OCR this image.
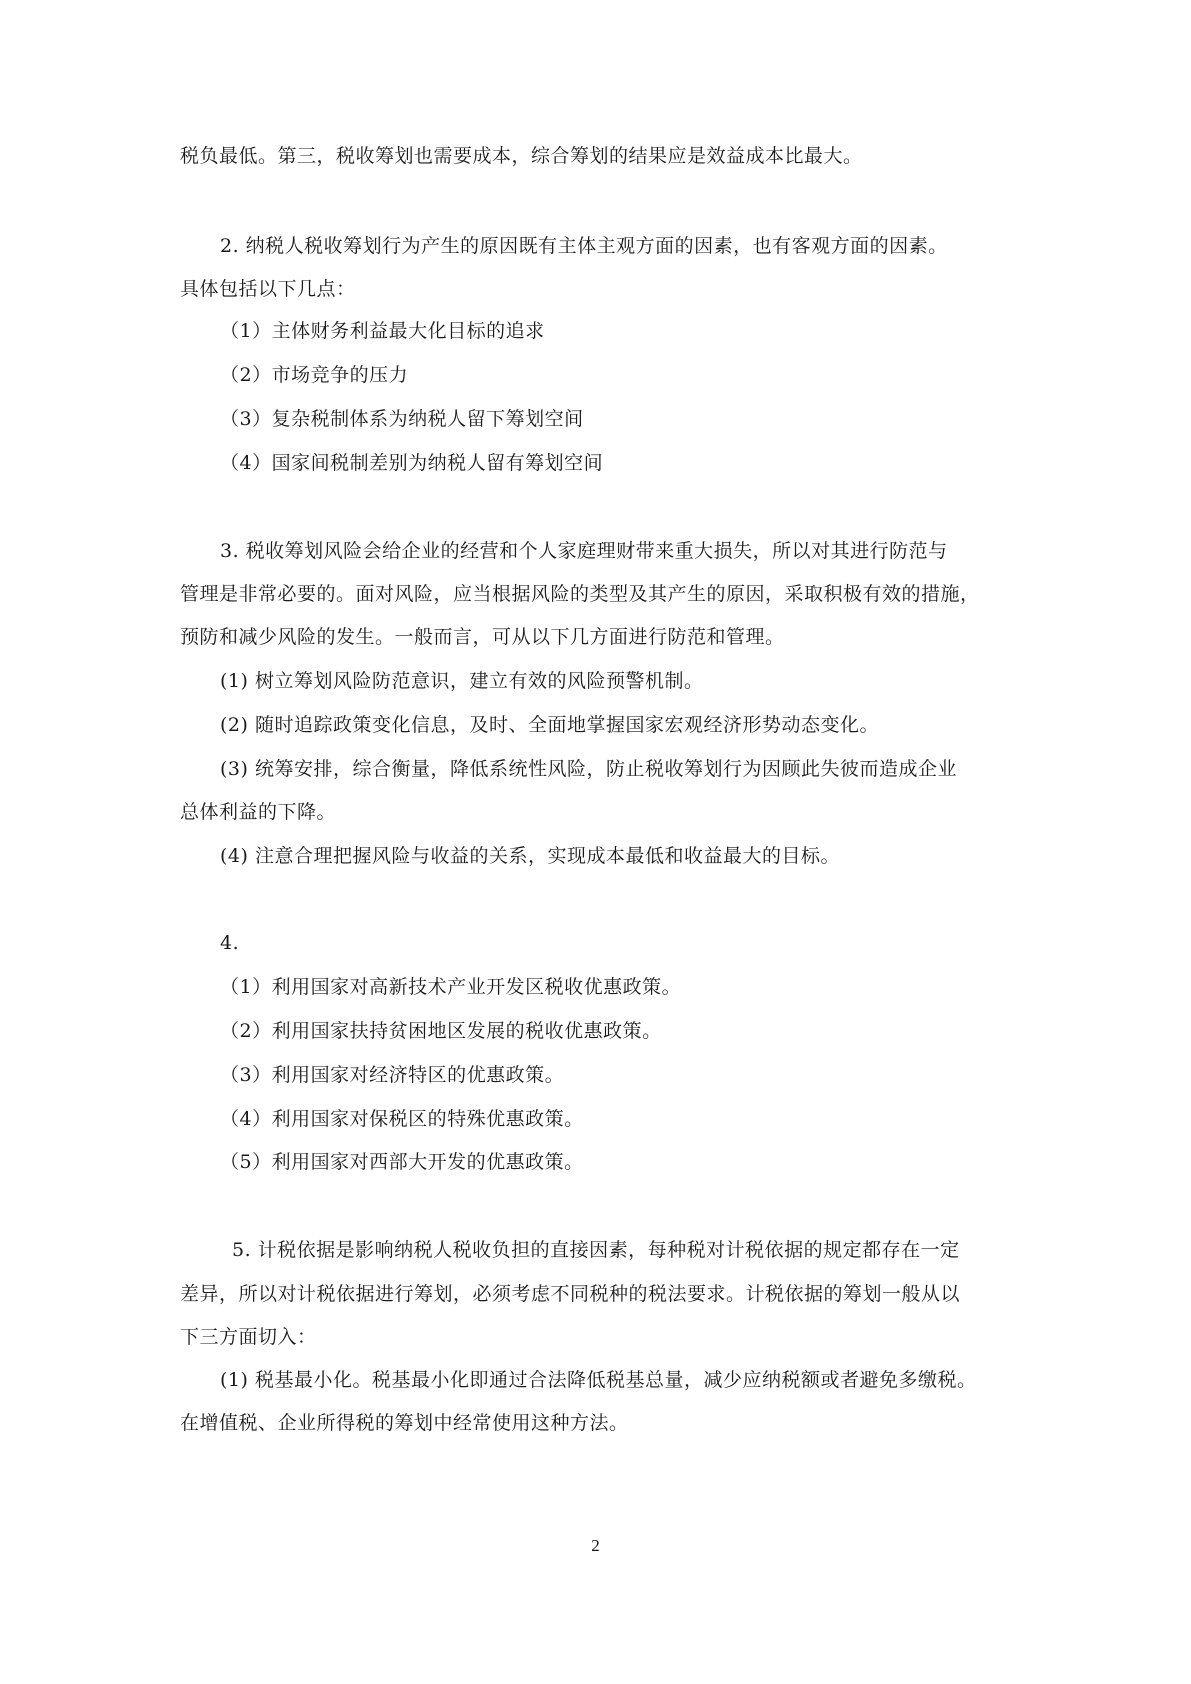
税负最低。第三，税收筹划也需要成本，综合筹划的结果应是效益成本比最大。
2. 纳税人税收筹划行为产生的原因既有主体主观方面的因素，也有客观方面的因素。
具体包括以下几点：
（1）主体财务利益最大化目标的追求
（2）市场竞争的压力
（3）复杂税制体系为纳税人留下筹划空间
（4）国家间税制差别为纳税人留有筹划空间
3. 税收筹划风险会给企业的经营和个人家庭理财带来重大损失，所以对其进行防范与
管理是非常必要的。面对风险，应当根据风险的类型及其产生的原因，采取积极有效的措施，
预防和减少风险的发生。一般而言，可从以下几方面进行防范和管理。
(1) 树立筹划风险防范意识，建立有效的风险预警机制。
(2) 随时追踪政策变化信息，及时、全面地掌握国家宏观经济形势动态变化。
(3) 统筹安排，综合衡量，降低系统性风险，防止税收筹划行为因顾此失彼而造成企业
总体利益的下降。
(4) 注意合理把握风险与收益的关系，实现成本最低和收益最大的目标。
4.
（1）利用国家对高新技术产业开发区税收优惠政策。
（2）利用国家扶持贫困地区发展的税收优惠政策。
（3）利用国家对经济特区的优惠政策。
（4）利用国家对保税区的特殊优惠政策。
（5）利用国家对西部大开发的优惠政策。
5. 计税依据是影响纳税人税收负担的直接因素，每种税对计税依据的规定都存在一定
差异，所以对计税依据进行筹划，必须考虑不同税种的税法要求。计税依据的筹划一般从以
下三方面切入：
(1) 税基最小化。税基最小化即通过合法降低税基总量，减少应纳税额或者避免多缴税。
在增值税、企业所得税的筹划中经常使用这种方法。
2
